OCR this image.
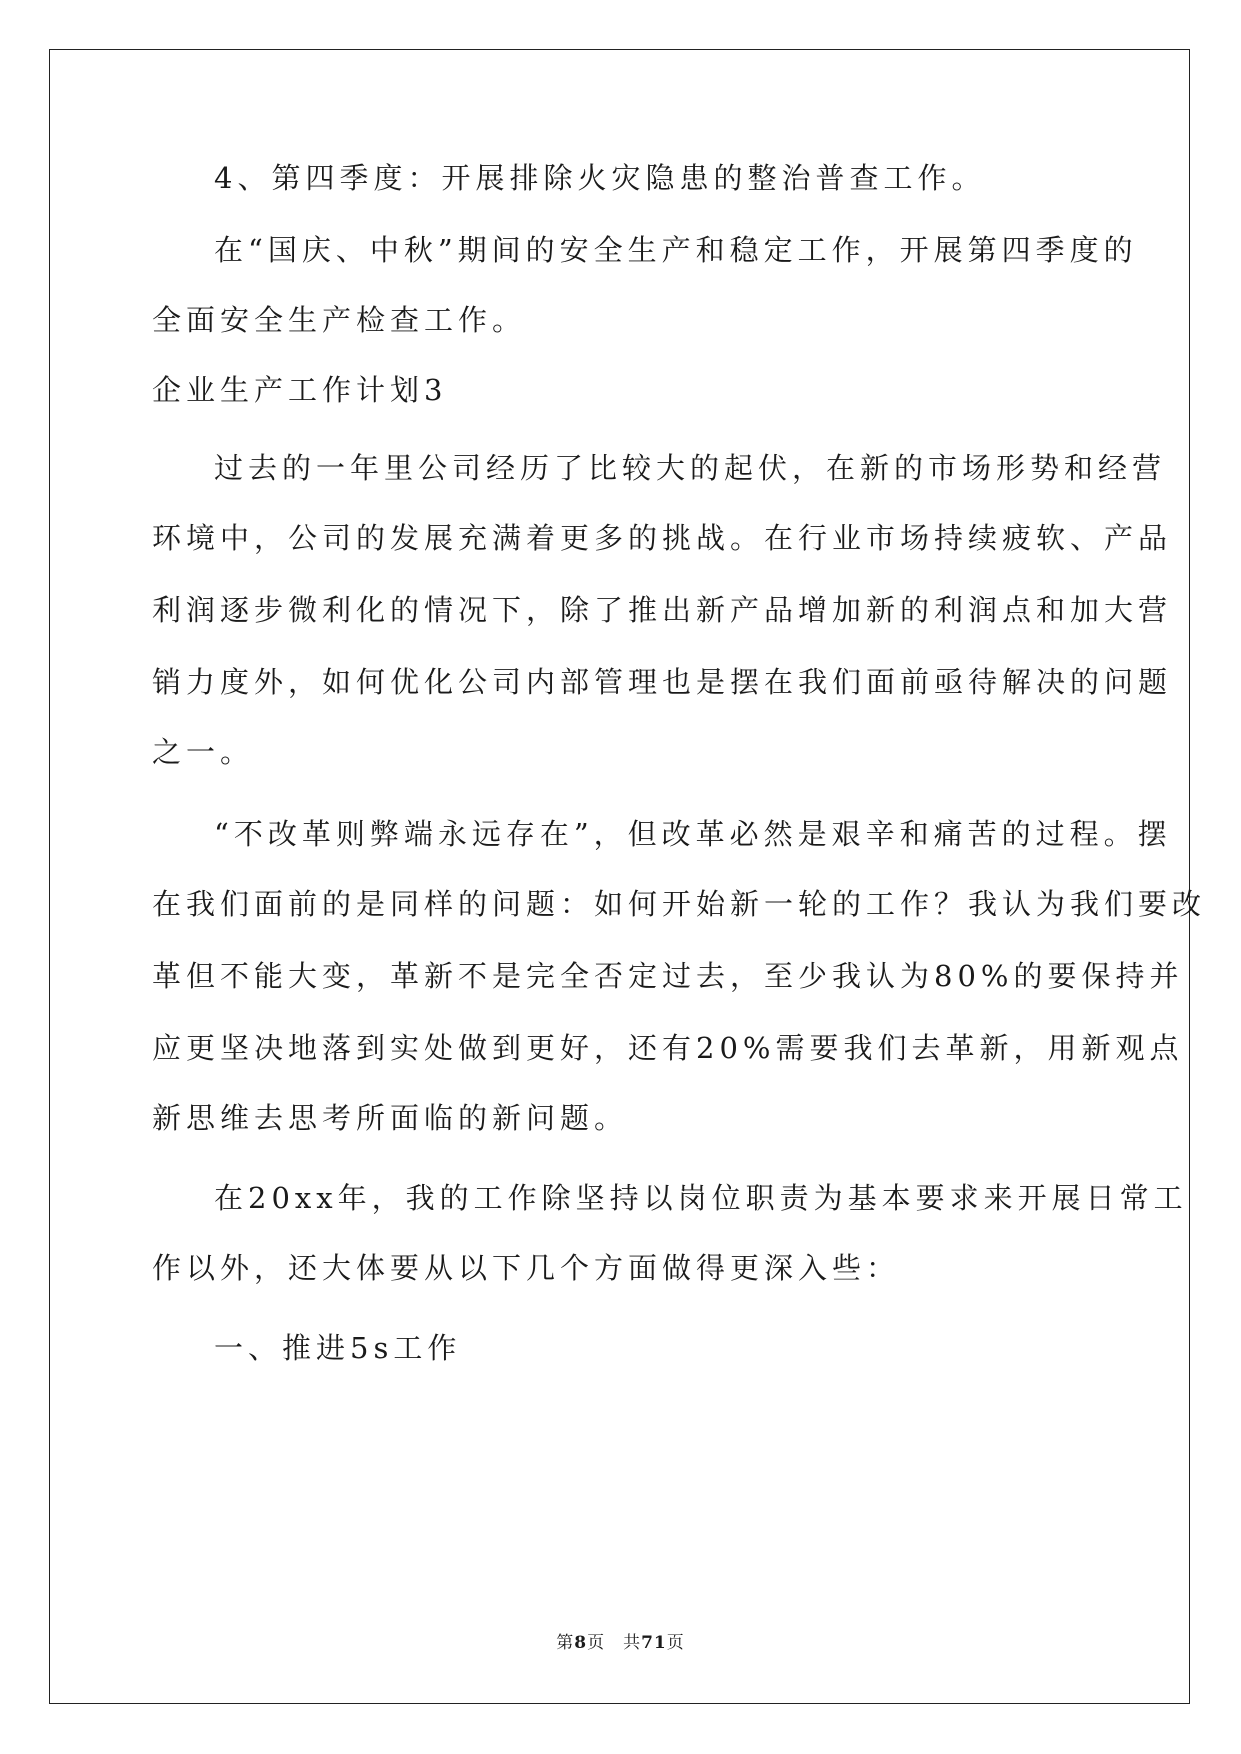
4、第四季度：开展排除火灾隐患的整治普查工作。
在“国庆、中秋”期间的安全生产和稳定工作，开展第四季度的
全面安全生产检查工作。
企业生产工作计划3
过去的一年里公司经历了比较大的起伏，在新的市场形势和经营
环境中，公司的发展充满着更多的挑战。在行业市场持续疲软、产品
利润逐步微利化的情况下，除了推出新产品增加新的利润点和加大营
销力度外，如何优化公司内部管理也是摆在我们面前亟待解决的问题
之一。
“不改革则弊端永远存在”，但改革必然是艰辛和痛苦的过程。摆
在我们面前的是同样的问题：如何开始新一轮的工作？我认为我们要改
革但不能大变，革新不是完全否定过去，至少我认为80%的要保持并
应更坚决地落到实处做到更好，还有20%需要我们去革新，用新观点
新思维去思考所面临的新问题。
在20xx年，我的工作除坚持以岗位职责为基本要求来开展日常工
作以外，还大体要从以下几个方面做得更深入些：
一、推进5s工作
第8页　共71页
